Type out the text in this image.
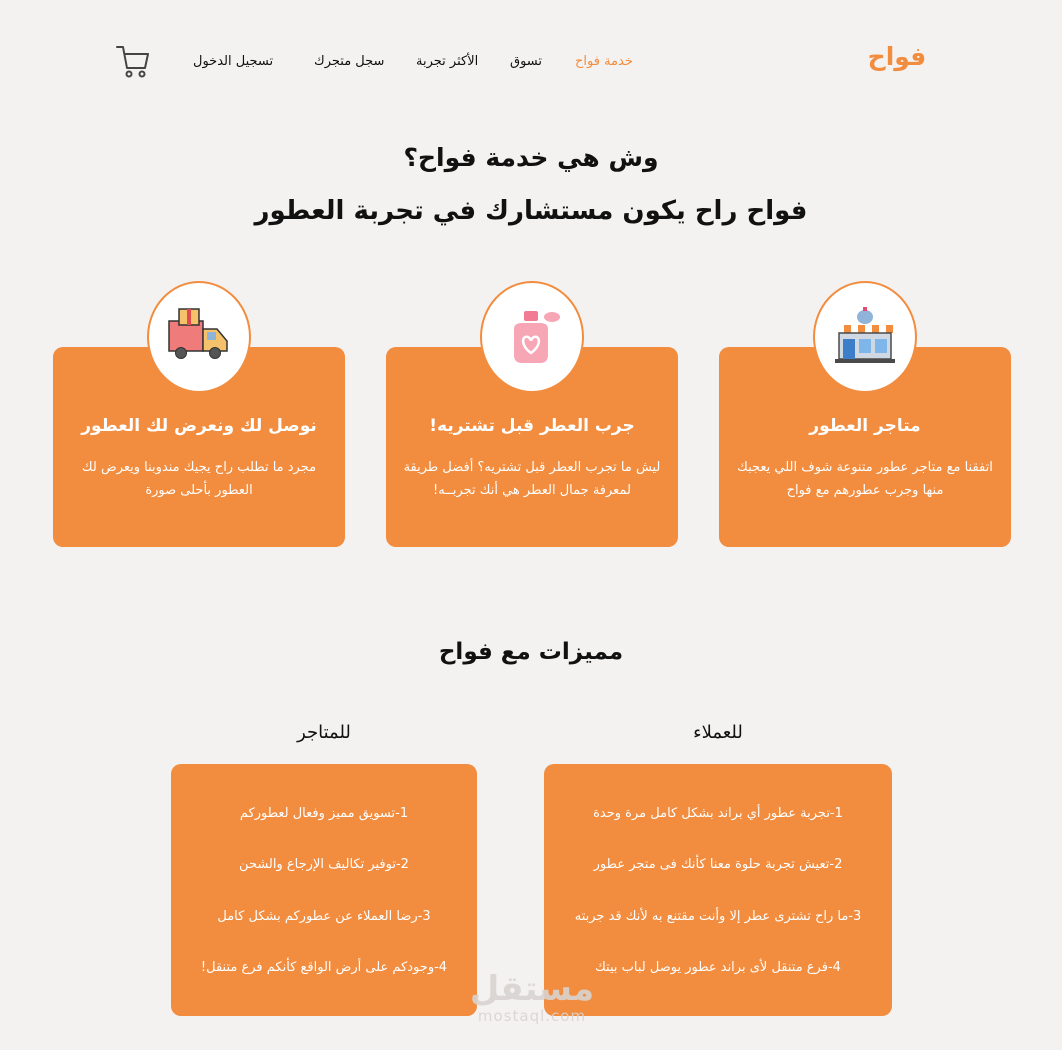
فواح
خدمة فواح
تسوق
الأكثر تجربة
سجل متجرك
تسجيل الدخول
وش هي خدمة فواح؟
فواح راح يكون مستشارك في تجربة العطور
متاجر العطور
جرب العطر قبل تشتريه!
نوصل لك ونعرض لك العطور
اتفقنا مع متاجر عطور متنوعة شوف اللي يعجبك منها وجرب عطورهم مع فواح
ليش ما تجرب العطر قبل تشتريه؟ أفضل طريقة لمعرفة جمال العطر هي أنك تجربــه!
مجرد ما تطلب راح يجيك مندوبنا ويعرض لك العطور بأحلى صورة
مميزات مع فواح
للعملاء
للمتاجر
1-تجربة عطور أي براند بشكل كامل مرة وحدة
2-تعيش تجربة حلوة معنا كأنك فى متجر عطور
3-ما راح تشترى عطر إلا وأنت مقتنع به لأنك قد جربته
4-فرع متنقل لأى براند عطور يوصل لباب بيتك
1-تسويق مميز وفعال لعطوركم
2-توفير تكاليف الإرجاع والشحن
3-رضا العملاء عن عطوركم بشكل كامل
4-وجودكم على أرض الواقع كأنكم فرع متنقل!
مستقل
mostaql.com
